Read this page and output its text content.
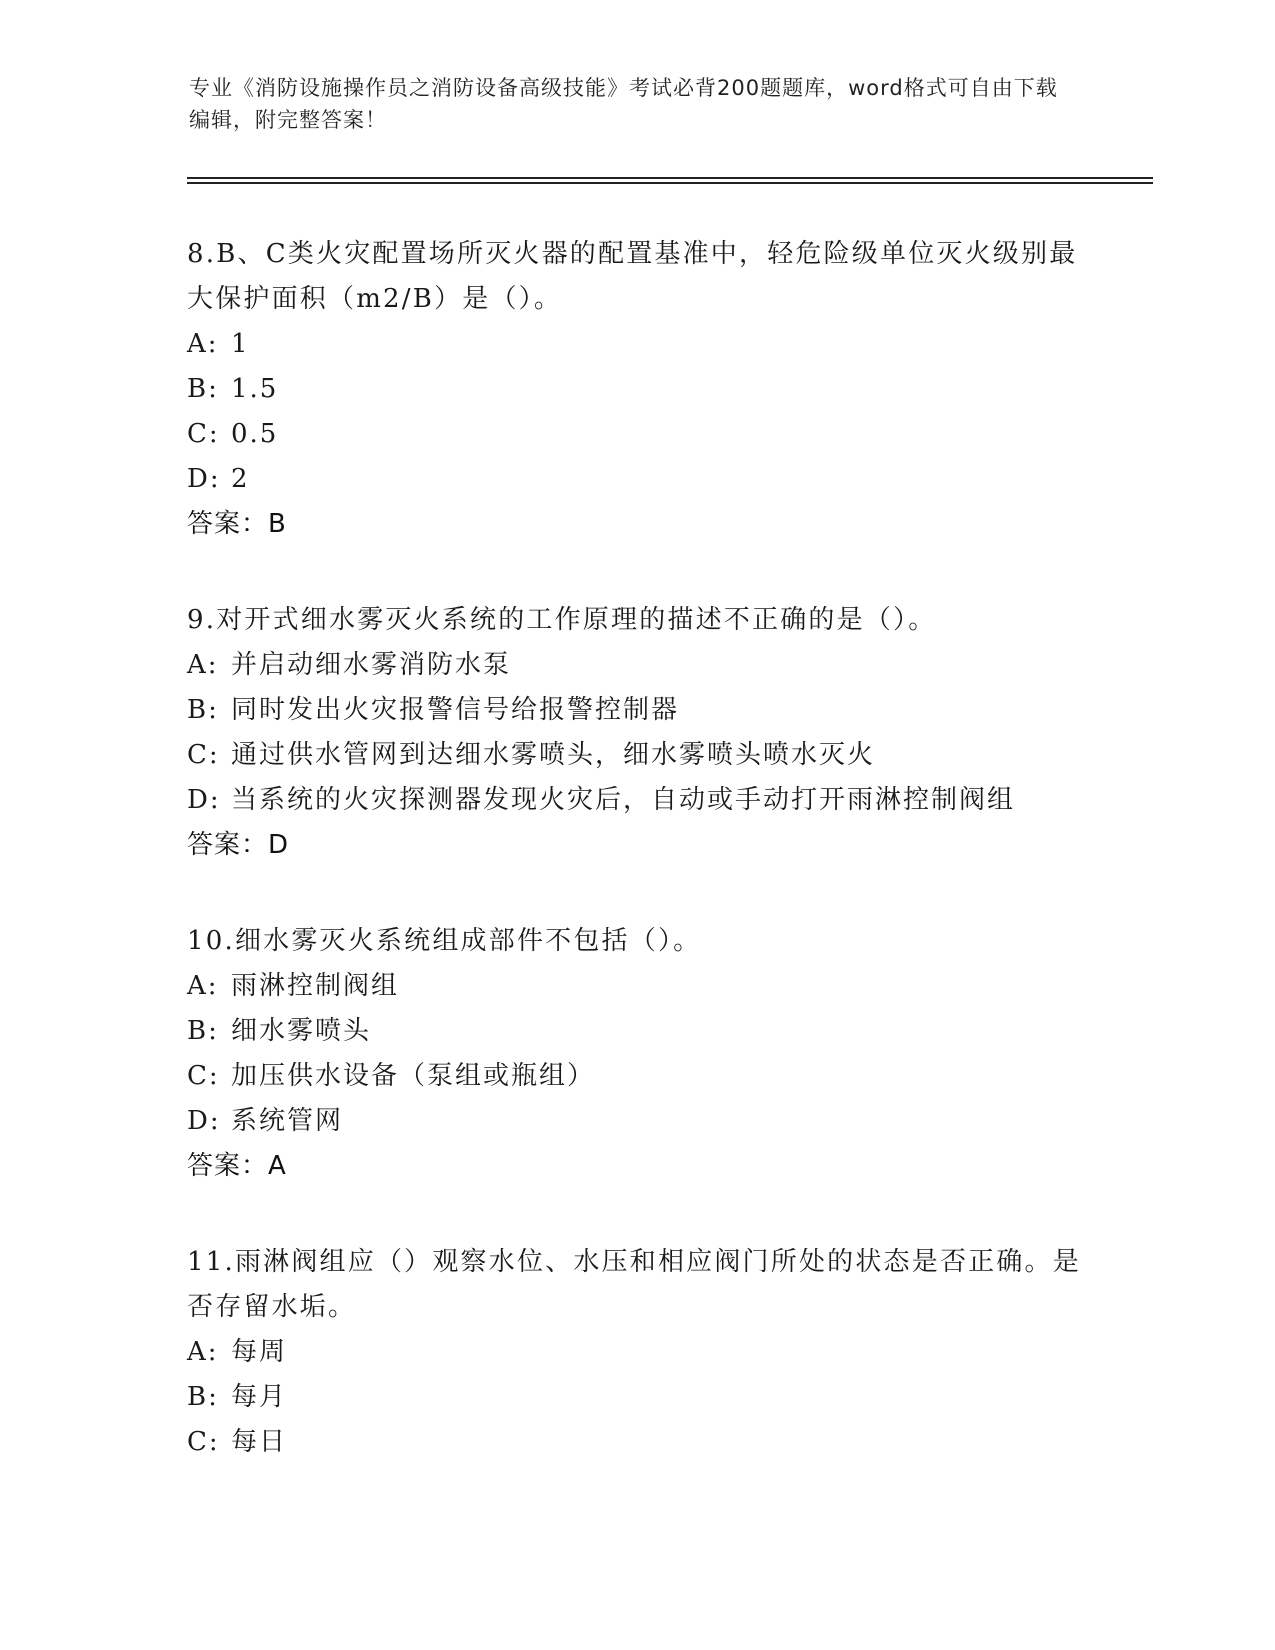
专业《消防设施操作员之消防设备高级技能》考试必背200题题库，word格式可自由下载编辑，附完整答案！

8.B、C类火灾配置场所灭火器的配置基准中，轻危险级单位灭火级别最大保护面积（m2/B）是（）。

A: 1

B: 1.5

C: 0.5

D: 2

答案：B

9.对开式细水雾灭火系统的工作原理的描述不正确的是（）。

A: 并启动细水雾消防水泵

B: 同时发出火灾报警信号给报警控制器

C: 通过供水管网到达细水雾喷头，细水雾喷头喷水灭火

D: 当系统的火灾探测器发现火灾后，自动或手动打开雨淋控制阀组

答案：D

10.细水雾灭火系统组成部件不包括（）。

A: 雨淋控制阀组

B: 细水雾喷头

C: 加压供水设备（泵组或瓶组）

D: 系统管网

答案：A

11.雨淋阀组应（）观察水位、水压和相应阀门所处的状态是否正确。是否存留水垢。

A: 每周

B: 每月

C: 每日
